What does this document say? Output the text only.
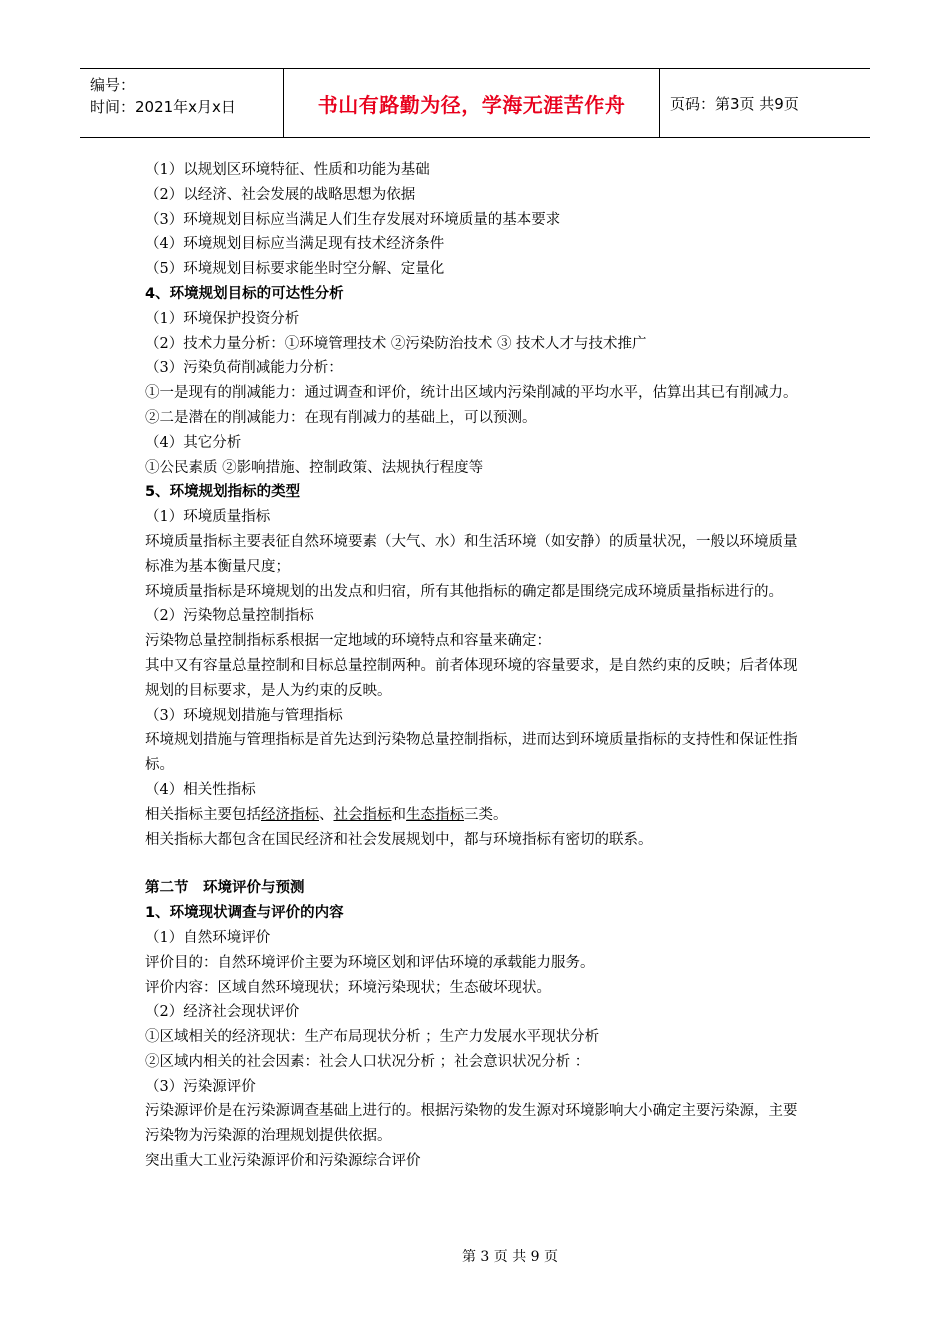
编号：
时间：2021年x月x日	书山有路勤为径，学海无涯苦作舟	页码：第3页 共9页

（1）以规划区环境特征、性质和功能为基础

（2）以经济、社会发展的战略思想为依据

（3）环境规划目标应当满足人们生存发展对环境质量的基本要求

（4）环境规划目标应当满足现有技术经济条件

（5）环境规划目标要求能坐时空分解、定量化

4、环境规划目标的可达性分析

（1）环境保护投资分析

（2）技术力量分析：①环境管理技术 ②污染防治技术 ③ 技术人才与技术推广

（3）污染负荷削减能力分析：

①一是现有的削减能力：通过调查和评价，统计出区域内污染削减的平均水平，估算出其已有削减力。

②二是潜在的削减能力：在现有削减力的基础上，可以预测。

（4）其它分析

①公民素质 ②影响措施、控制政策、法规执行程度等

5、环境规划指标的类型

（1）环境质量指标

环境质量指标主要表征自然环境要素（大气、水）和生活环境（如安静）的质量状况，一般以环境质量标准为基本衡量尺度；

环境质量指标是环境规划的出发点和归宿，所有其他指标的确定都是围绕完成环境质量指标进行的。

（2）污染物总量控制指标

污染物总量控制指标系根据一定地域的环境特点和容量来确定：

其中又有容量总量控制和目标总量控制两种。前者体现环境的容量要求，是自然约束的反映；后者体现规划的目标要求，是人为约束的反映。

（3）环境规划措施与管理指标

环境规划措施与管理指标是首先达到污染物总量控制指标，进而达到环境质量指标的支持性和保证性指标。

（4）相关性指标

相关指标主要包括经济指标、社会指标和生态指标三类。

相关指标大都包含在国民经济和社会发展规划中，都与环境指标有密切的联系。

第二节　环境评价与预测

1、环境现状调查与评价的内容

（1）自然环境评价

评价目的：自然环境评价主要为环境区划和评估环境的承载能力服务。

评价内容：区域自然环境现状；环境污染现状；生态破坏现状。

（2）经济社会现状评价

①区域相关的经济现状：生产布局现状分析 ；生产力发展水平现状分析

②区域内相关的社会因素：社会人口状况分析 ；社会意识状况分析 ：

（3）污染源评价

污染源评价是在污染源调查基础上进行的。根据污染物的发生源对环境影响大小确定主要污染源，主要污染物为污染源的治理规划提供依据。

突出重大工业污染源评价和污染源综合评价

第 3 页 共 9 页
